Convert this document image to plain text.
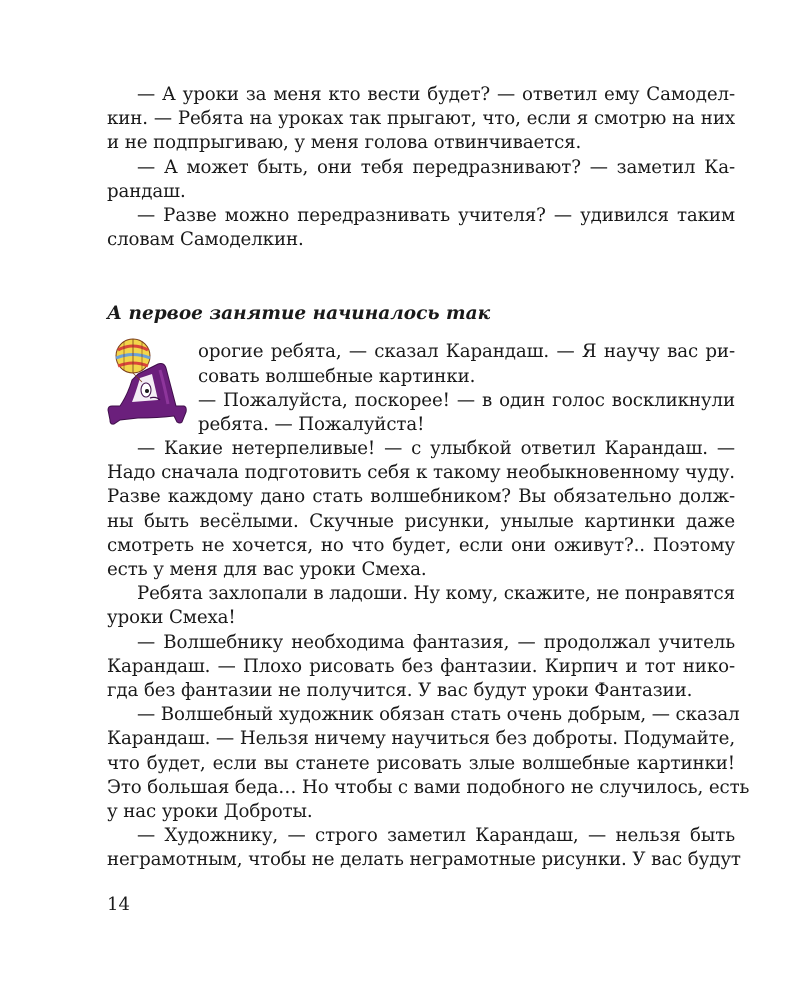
— А уроки за меня кто вести будет? — ответил ему Самодел-
кин. — Ребята на уроках так прыгают, что, если я смотрю на них
и не подпрыгиваю, у меня голова отвинчивается.
— А может быть, они тебя передразнивают? — заметил Ка-
рандаш.
— Разве можно передразнивать учителя? — удивился таким
словам Самоделкин.
А первое занятие начиналось так
орогие ребята, — сказал Карандаш. — Я научу вас ри-
совать волшебные картинки.
— Пожалуйста, поскорее! — в один голос воскликнули
ребята. — Пожалуйста!
— Какие нетерпеливые! — с улыбкой ответил Карандаш. —
Надо сначала подготовить себя к такому необыкновенному чуду.
Разве каждому дано стать волшебником? Вы обязательно долж-
ны быть весёлыми. Скучные рисунки, унылые картинки даже
смотреть не хочется, но что будет, если они оживут?.. Поэтому
есть у меня для вас уроки Смеха.
Ребята захлопали в ладоши. Ну кому, скажите, не понравятся
уроки Смеха!
— Волшебнику необходима фантазия, — продолжал учитель
Карандаш. — Плохо рисовать без фантазии. Кирпич и тот нико-
гда без фантазии не получится. У вас будут уроки Фантазии.
— Волшебный художник обязан стать очень добрым, — сказал
Карандаш. — Нельзя ничему научиться без доброты. Подумайте,
что будет, если вы станете рисовать злые волшебные картинки!
Это большая беда… Но чтобы с вами подобного не случилось, есть
у нас уроки Доброты.
— Художнику, — строго заметил Карандаш, — нельзя быть
неграмотным, чтобы не делать неграмотные рисунки. У вас будут
14
